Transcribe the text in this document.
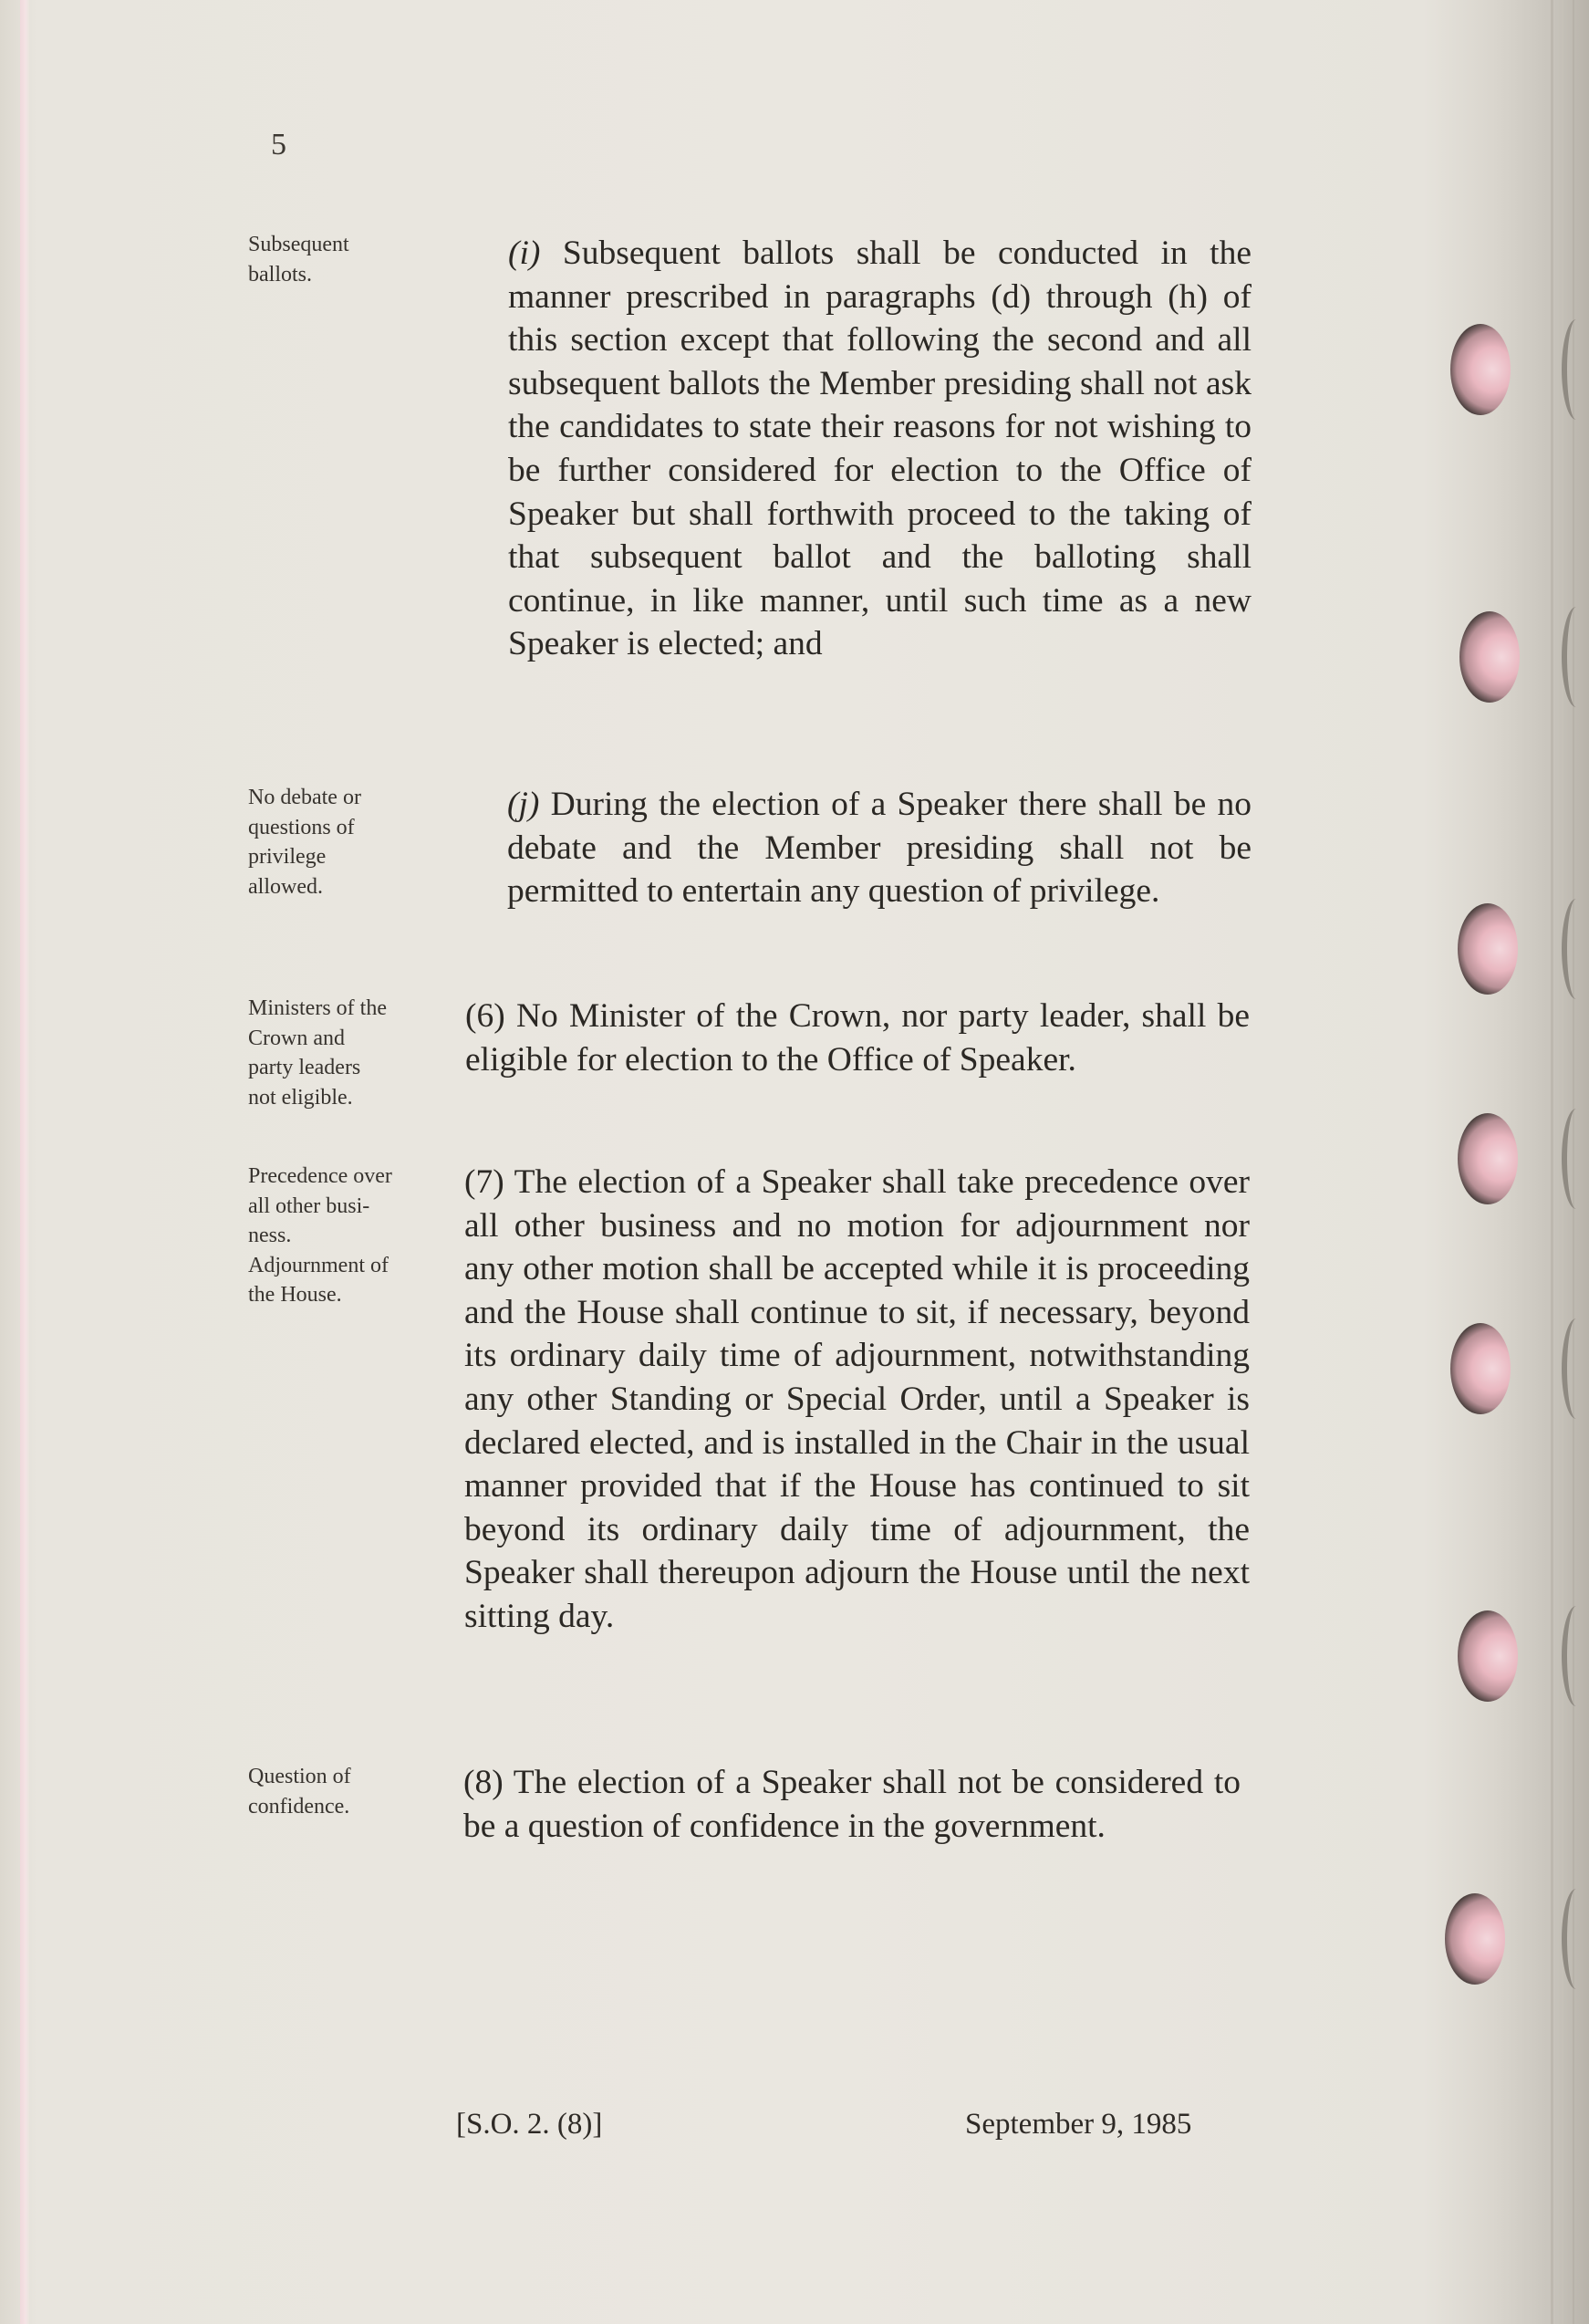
5
Subsequent
ballots.
No debate or
questions of
privilege
allowed.
Ministers of the
Crown and
party leaders
not eligible.
Precedence over
all other busi-
ness.
Adjournment of
the House.
Question of
confidence.
(i) Subsequent ballots shall be conducted in the manner prescribed in paragraphs (d) through (h) of this section except that following the second and all subsequent ballots the Member presiding shall not ask the candidates to state their reasons for not wishing to be further considered for election to the Office of Speaker but shall forthwith proceed to the taking of that subsequent ballot and the balloting shall continue, in like manner, until such time as a new Speaker is elected; and
(j) During the election of a Speaker there shall be no debate and the Member presiding shall not be permitted to entertain any question of privilege.
(6) No Minister of the Crown, nor party leader, shall be eligible for election to the Office of Speaker.
(7) The election of a Speaker shall take precedence over all other business and no motion for adjournment nor any other motion shall be accepted while it is proceeding and the House shall continue to sit, if necessary, beyond its ordinary daily time of adjournment, notwithstanding any other Standing or Special Order, until a Speaker is declared elected, and is installed in the Chair in the usual manner provided that if the House has continued to sit beyond its ordinary daily time of adjournment, the Speaker shall thereupon adjourn the House until the next sitting day.
(8) The election of a Speaker shall not be considered to be a question of confidence in the government.
[S.O. 2. (8)]	September 9, 1985
